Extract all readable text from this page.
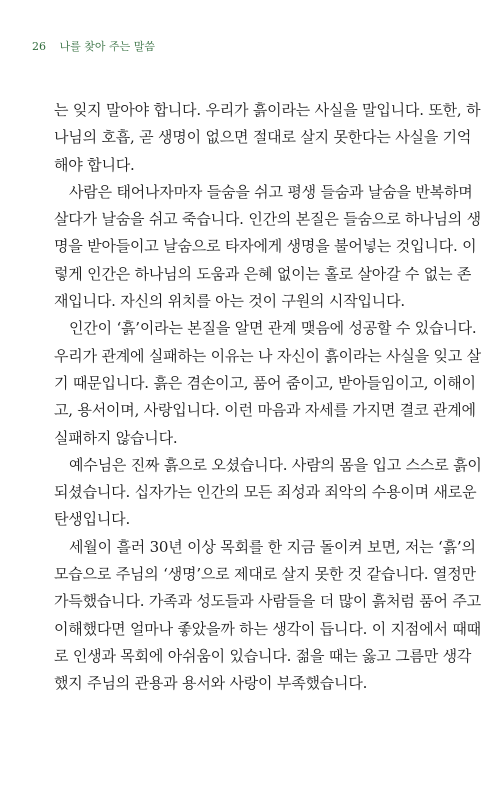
26 나를 찾아 주는 말씀
는 잊지 말아야 합니다. 우리가 흙이라는 사실을 말입니다. 또한, 하
나님의 호흡, 곧 생명이 없으면 절대로 살지 못한다는 사실을 기억
해야 합니다.
사람은 태어나자마자 들숨을 쉬고 평생 들숨과 날숨을 반복하며
살다가 날숨을 쉬고 죽습니다. 인간의 본질은 들숨으로 하나님의 생
명을 받아들이고 날숨으로 타자에게 생명을 불어넣는 것입니다. 이
렇게 인간은 하나님의 도움과 은혜 없이는 홀로 살아갈 수 없는 존
재입니다. 자신의 위치를 아는 것이 구원의 시작입니다.
인간이 ‘흙’이라는 본질을 알면 관계 맺음에 성공할 수 있습니다.
우리가 관계에 실패하는 이유는 나 자신이 흙이라는 사실을 잊고 살
기 때문입니다. 흙은 겸손이고, 품어 줌이고, 받아들임이고, 이해이
고, 용서이며, 사랑입니다. 이런 마음과 자세를 가지면 결코 관계에
실패하지 않습니다.
예수님은 진짜 흙으로 오셨습니다. 사람의 몸을 입고 스스로 흙이
되셨습니다. 십자가는 인간의 모든 죄성과 죄악의 수용이며 새로운
탄생입니다.
세월이 흘러 30년 이상 목회를 한 지금 돌이켜 보면, 저는 ‘흙’의
모습으로 주님의 ‘생명’으로 제대로 살지 못한 것 같습니다. 열정만
가득했습니다. 가족과 성도들과 사람들을 더 많이 흙처럼 품어 주고
이해했다면 얼마나 좋았을까 하는 생각이 듭니다. 이 지점에서 때때
로 인생과 목회에 아쉬움이 있습니다. 젊을 때는 옳고 그름만 생각
했지 주님의 관용과 용서와 사랑이 부족했습니다.
